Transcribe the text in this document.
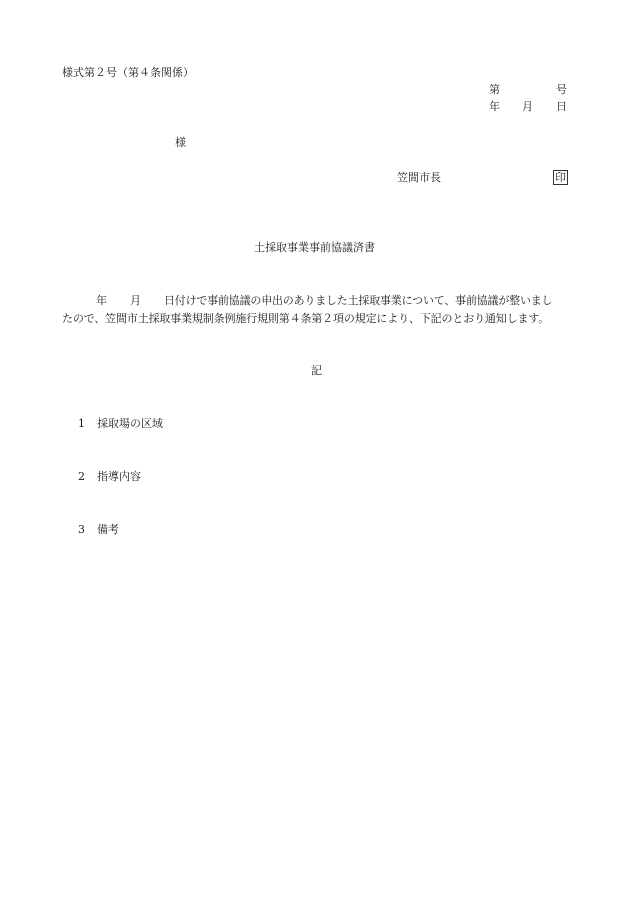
様式第２号（第４条関係）
第	号
年 月 日
様
笠間市長	印
土採取事業事前協議済書
年 月 日付けで事前協議の申出のありました土採取事業について、事前協議が整いまし
たので、笠間市土採取事業規制条例施行規則第４条第２項の規定により、下記のとおり通知します。
記
1 採取場の区域
2 指導内容
3 備考
